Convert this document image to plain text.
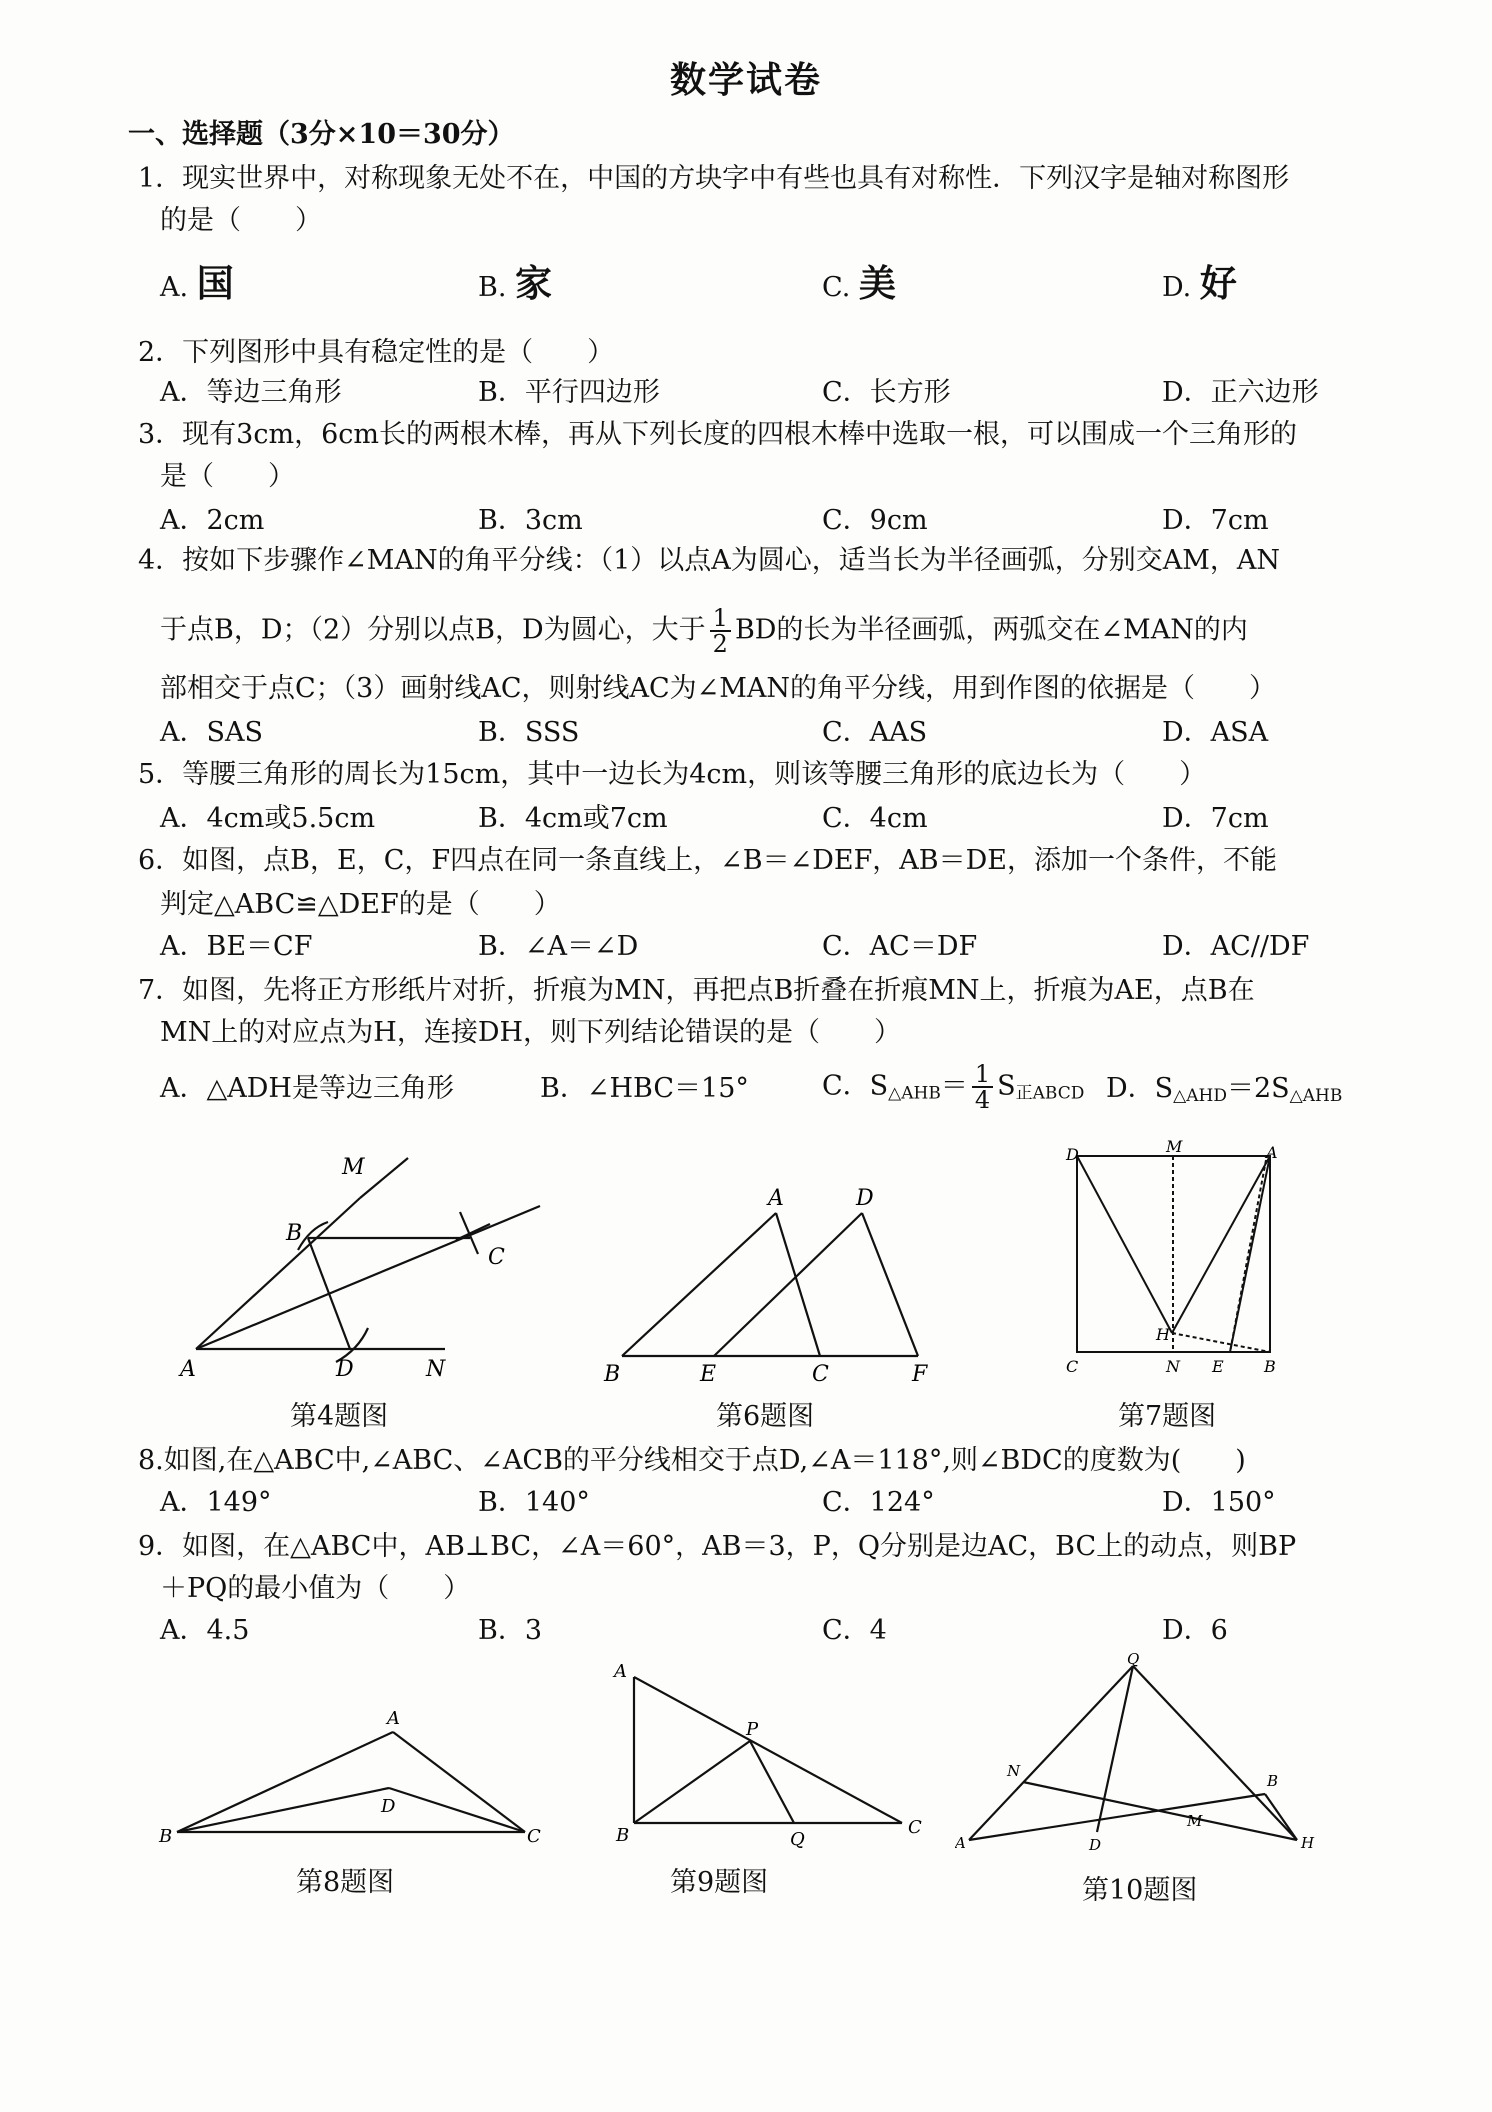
数学试卷
一、选择题（3分×10＝30分）
1．现实世界中，对称现象无处不在，中国的方块字中有些也具有对称性．下列汉字是轴对称图形
的是（　　）
A. 国	B. 家	C. 美	D. 好
2．下列图形中具有稳定性的是（　　）
A．等边三角形	B．平行四边形	C．长方形	D．正六边形
3．现有3cm，6cm长的两根木棒，再从下列长度的四根木棒中选取一根，可以围成一个三角形的
是（　　）
A．2cm	B．3cm	C．9cm	D．7cm
4．按如下步骤作∠MAN的角平分线：（1）以点A为圆心，适当长为半径画弧，分别交AM，AN
于点B，D；（2）分别以点B，D为圆心，大于 $\frac{1}{2}$ BD的长为半径画弧，两弧交在∠MAN的内
部相交于点C；（3）画射线AC，则射线AC为∠MAN的角平分线，用到作图的依据是（　　）
A．SAS	B．SSS	C．AAS	D．ASA
5．等腰三角形的周长为15cm，其中一边长为4cm，则该等腰三角形的底边长为（　　）
A．4cm或5.5cm	B．4cm或7cm	C．4cm	D．7cm
6．如图，点B，E，C，F四点在同一条直线上，∠B＝∠DEF，AB＝DE，添加一个条件，不能
判定△ABC≌△DEF的是（　　）
A．BE＝CF	B．∠A＝∠D	C．AC＝DF	D．AC//DF
7．如图，先将正方形纸片对折，折痕为MN，再把点B折叠在折痕MN上，折痕为AE，点B在
MN上的对应点为H，连接DH，则下列结论错误的是（　　）
A．△ADH是等边三角形	B．∠HBC＝15°	C．$S_{\triangle AHB}= \frac{1}{4} S_{正ABCD}$ D．$S_{\triangle AHD}=2S_{\triangle AHB}$
M
B
C
A	D	N
第4题图
A	D
B	E	C	F
第6题图
D	M	A
H
C	N E	B
第7题图
8.如图,在△ABC中,∠ABC、∠ACB的平分线相交于点D,∠A＝118°,则∠BDC的度数为(　　)
A．149°	B．140°	C．124°	D．150°
9．如图，在△ABC中，AB⊥BC，∠A＝60°，AB＝3，P，Q分别是边AC，BC上的动点，则BP
＋PQ的最小值为（　　）
A．4.5	B．3	C．4	D．6
A
D
B	C
第8题图
A
P
B	Q
C
第9题图
Q
N
B
M
A	D	H
第10题图
